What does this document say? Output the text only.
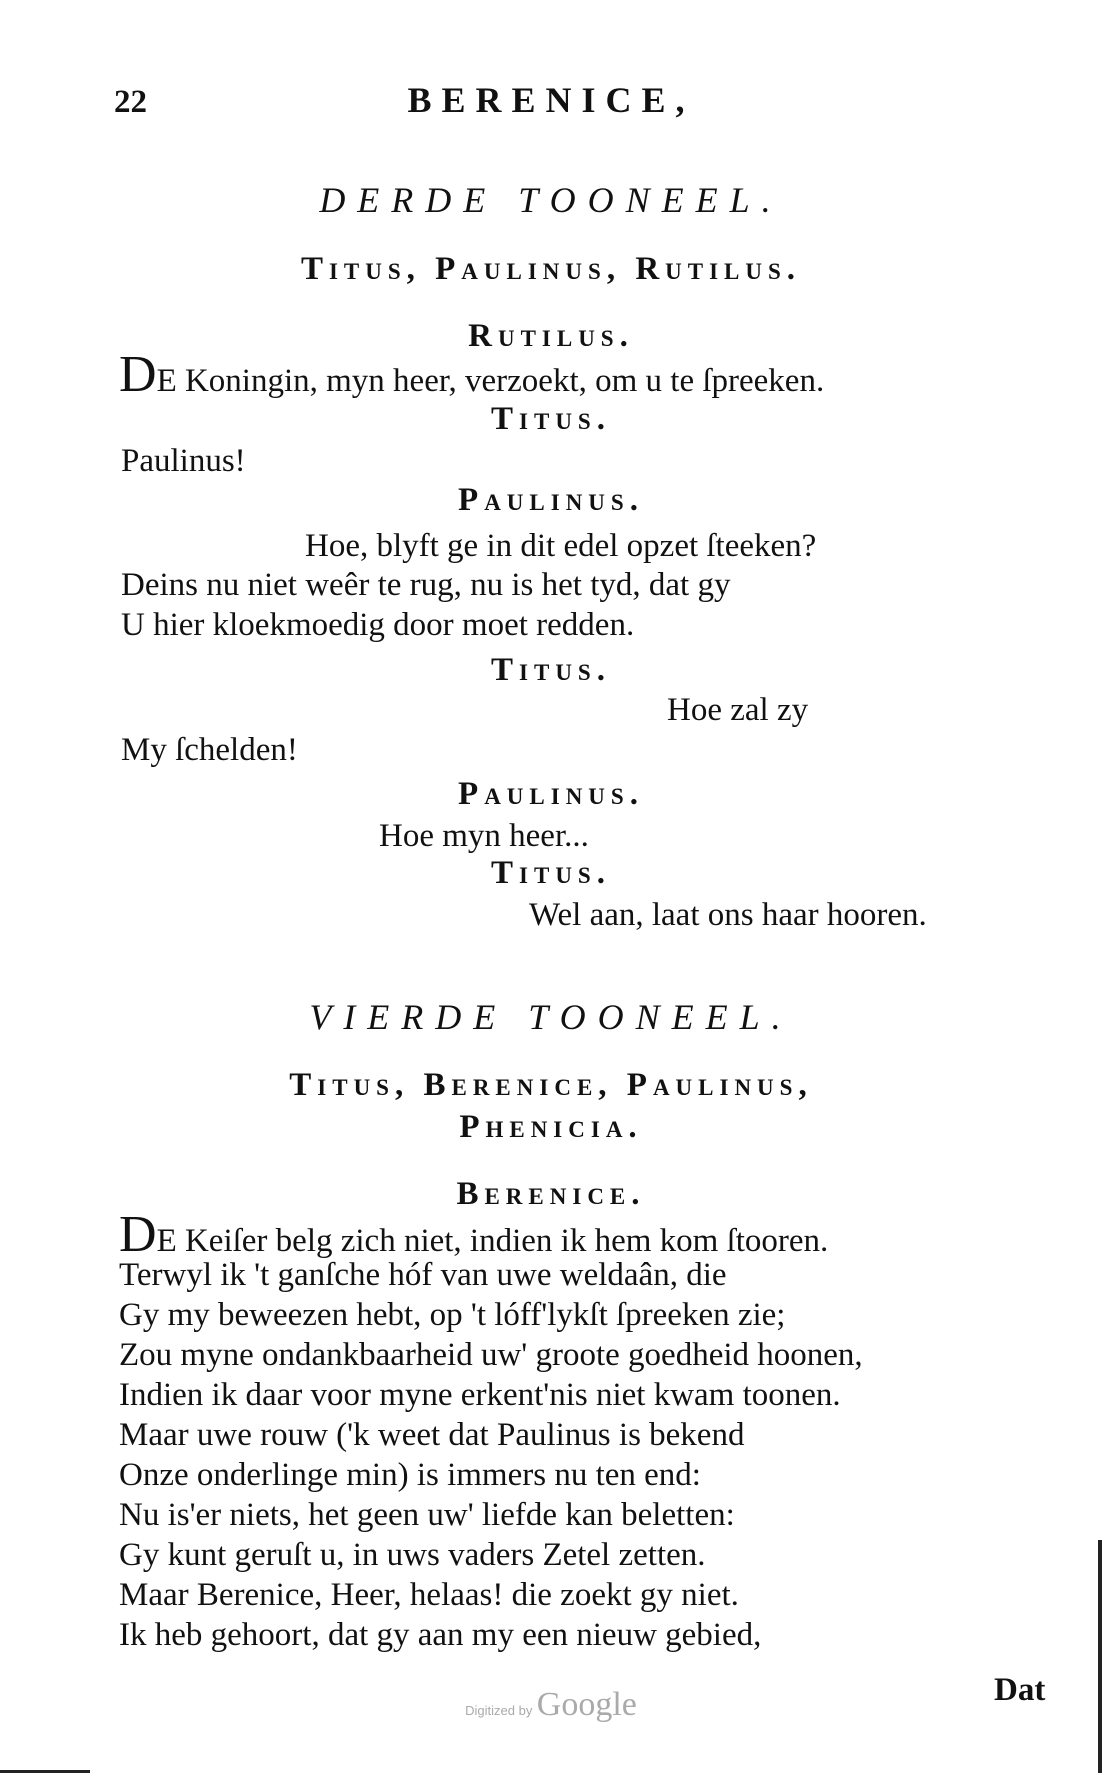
22	BERENICE,
DERDE TOONEEL.
Titus, Paulinus, Rutilus.
Rutilus.
DE Koningin, myn heer, verzoekt, om u te ſpreeken.
Titus.
Paulinus!
Paulinus.
Hoe, blyft ge in dit edel opzet ſteeken?
Deins nu niet weêr te rug, nu is het tyd, dat gy
U hier kloekmoedig door moet redden.
Titus.
Hoe zal zy
My ſchelden!
Paulinus.
Hoe myn heer...
Titus.
Wel aan, laat ons haar hooren.
VIERDE TOONEEL.
Titus, Berenice, Paulinus,
Phenicia.
Berenice.
DE Keiſer belg zich niet, indien ik hem kom ſtooren.
Terwyl ik 't ganſche hóf van uwe weldaân, die
Gy my beweezen hebt, op 't lóff'lykſt ſpreeken zie;
Zou myne ondankbaarheid uw' groote goedheid hoonen,
Indien ik daar voor myne erkent'nis niet kwam toonen.
Maar uwe rouw ('k weet dat Paulinus is bekend
Onze onderlinge min) is immers nu ten end:
Nu is'er niets, het geen uw' liefde kan beletten:
Gy kunt geruſt u, in uws vaders Zetel zetten.
Maar Berenice, Heer, helaas! die zoekt gy niet.
Ik heb gehoort, dat gy aan my een nieuw gebied,
Dat
Digitized by Google
